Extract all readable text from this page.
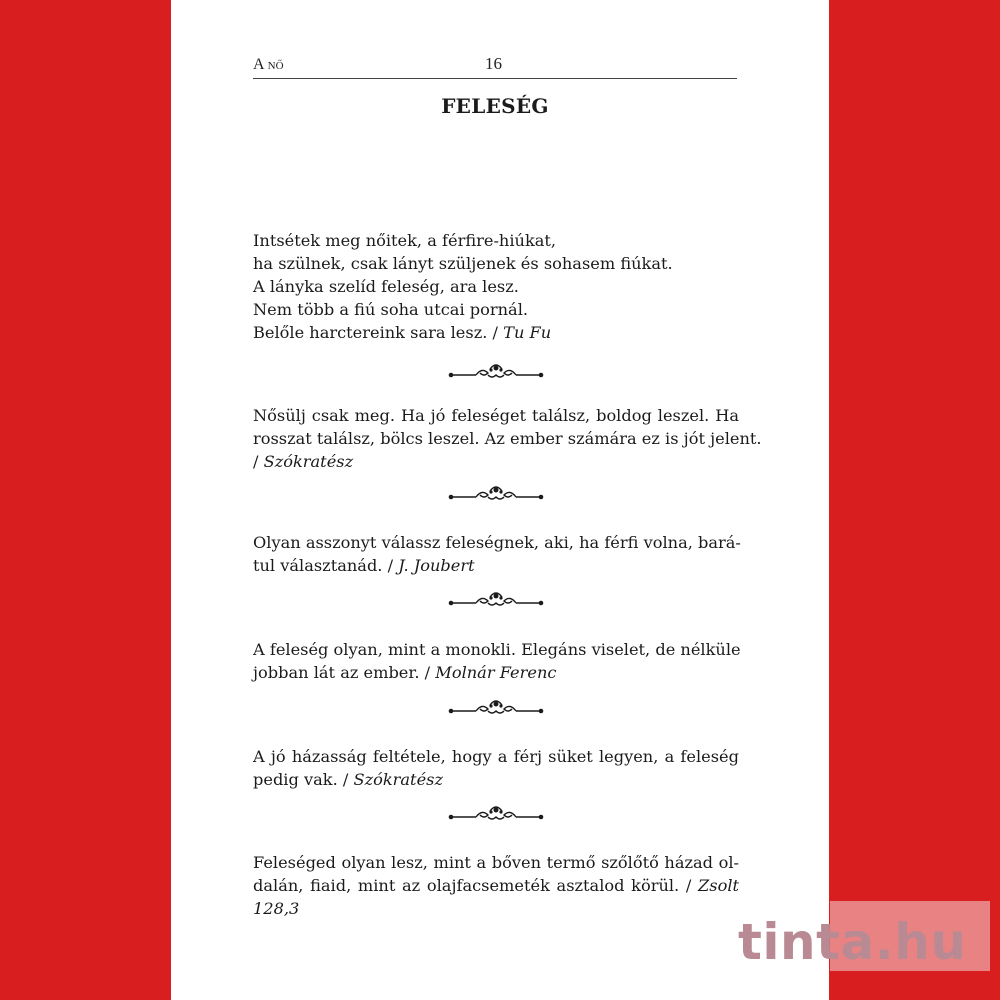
A nő	16
FELESÉG
Intsétek meg nőitek, a férfire-hiúkat,
ha szülnek, csak lányt szüljenek és sohasem fiúkat.
A lányka szelíd feleség, ara lesz.
Nem több a fiú soha utcai pornál.
Belőle harctereink sara lesz. / Tu Fu
Nősülj csak meg. Ha jó feleséget találsz, boldog leszel. Ha
rosszat találsz, bölcs leszel. Az ember számára ez is jót jelent.
/ Szókratész
Olyan asszonyt válassz feleségnek, aki, ha férfi volna, bará-
tul választanád. / J. Joubert
A feleség olyan, mint a monokli. Elegáns viselet, de nélküle
jobban lát az ember. / Molnár Ferenc
A jó házasság feltétele, hogy a férj süket legyen, a feleség
pedig vak. / Szókratész
Feleséged olyan lesz, mint a bőven termő szőlőtő házad ol-
dalán, fiaid, mint az olajfacsemeték asztalod körül. / Zsolt
128,3
tinta.hu
